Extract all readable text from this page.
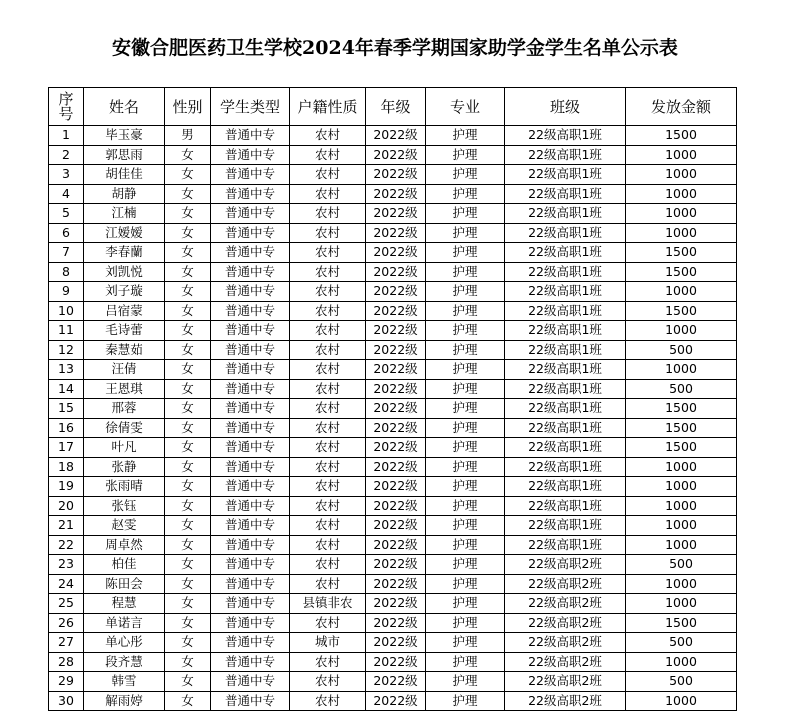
安徽合肥医药卫生学校2024年春季学期国家助学金学生名单公示表
序号	姓名	性别	学生类型	户籍性质	年级	专业	班级	发放金额
1	毕玉豪	男	普通中专	农村	2022级	护理	22级高职1班	1500
2	郭思雨	女	普通中专	农村	2022级	护理	22级高职1班	1000
3	胡佳佳	女	普通中专	农村	2022级	护理	22级高职1班	1000
4	胡静	女	普通中专	农村	2022级	护理	22级高职1班	1000
5	江楠	女	普通中专	农村	2022级	护理	22级高职1班	1000
6	江嫒嫒	女	普通中专	农村	2022级	护理	22级高职1班	1000
7	李春蘭	女	普通中专	农村	2022级	护理	22级高职1班	1500
8	刘凯悦	女	普通中专	农村	2022级	护理	22级高职1班	1500
9	刘子璇	女	普通中专	农村	2022级	护理	22级高职1班	1000
10	吕宿蒙	女	普通中专	农村	2022级	护理	22级高职1班	1500
11	毛诗蕾	女	普通中专	农村	2022级	护理	22级高职1班	1000
12	秦慧茹	女	普通中专	农村	2022级	护理	22级高职1班	500
13	汪倩	女	普通中专	农村	2022级	护理	22级高职1班	1000
14	王恩琪	女	普通中专	农村	2022级	护理	22级高职1班	500
15	邢蓉	女	普通中专	农村	2022级	护理	22级高职1班	1500
16	徐倩雯	女	普通中专	农村	2022级	护理	22级高职1班	1500
17	叶凡	女	普通中专	农村	2022级	护理	22级高职1班	1500
18	张静	女	普通中专	农村	2022级	护理	22级高职1班	1000
19	张雨晴	女	普通中专	农村	2022级	护理	22级高职1班	1000
20	张钰	女	普通中专	农村	2022级	护理	22级高职1班	1000
21	赵雯	女	普通中专	农村	2022级	护理	22级高职1班	1000
22	周卓然	女	普通中专	农村	2022级	护理	22级高职1班	1000
23	柏佳	女	普通中专	农村	2022级	护理	22级高职2班	500
24	陈田会	女	普通中专	农村	2022级	护理	22级高职2班	1000
25	程慧	女	普通中专	县镇非农	2022级	护理	22级高职2班	1000
26	单诺言	女	普通中专	农村	2022级	护理	22级高职2班	1500
27	单心彤	女	普通中专	城市	2022级	护理	22级高职2班	500
28	段齐慧	女	普通中专	农村	2022级	护理	22级高职2班	1000
29	韩雪	女	普通中专	农村	2022级	护理	22级高职2班	500
30	解雨婷	女	普通中专	农村	2022级	护理	22级高职2班	1000
